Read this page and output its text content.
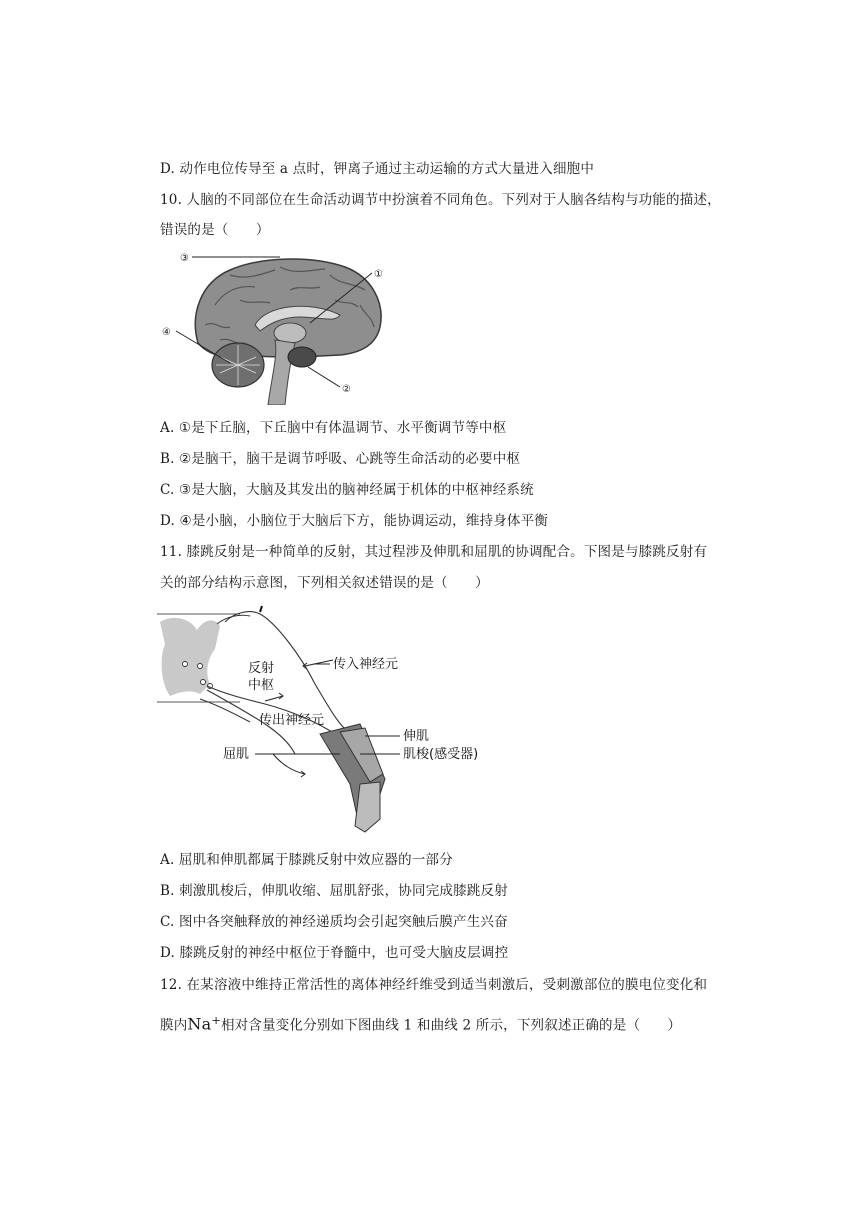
D. 动作电位传导至 a 点时，钾离子通过主动运输的方式大量进入细胞中
10. 人脑的不同部位在生命活动调节中扮演着不同角色。下列对于人脑各结构与功能的描述，
错误的是（　　）
③
①
④
②
A. ①是下丘脑，下丘脑中有体温调节、水平衡调节等中枢
B. ②是脑干，脑干是调节呼吸、心跳等生命活动的必要中枢
C. ③是大脑，大脑及其发出的脑神经属于机体的中枢神经系统
D. ④是小脑，小脑位于大脑后下方，能协调运动，维持身体平衡
11. 膝跳反射是一种简单的反射，其过程涉及伸肌和屈肌的协调配合。下图是与膝跳反射有
关的部分结构示意图，下列相关叙述错误的是（　　）
反射
中枢
传入神经元
传出神经元
伸肌
屈肌	肌梭(感受器)
A. 屈肌和伸肌都属于膝跳反射中效应器的一部分
B. 刺激肌梭后，伸肌收缩、屈肌舒张，协同完成膝跳反射
C. 图中各突触释放的神经递质均会引起突触后膜产生兴奋
D. 膝跳反射的神经中枢位于脊髓中，也可受大脑皮层调控
12. 在某溶液中维持正常活性的离体神经纤维受到适当刺激后，受刺激部位的膜电位变化和
膜内Na+相对含量变化分别如下图曲线 1 和曲线 2 所示，下列叙述正确的是（　　）
